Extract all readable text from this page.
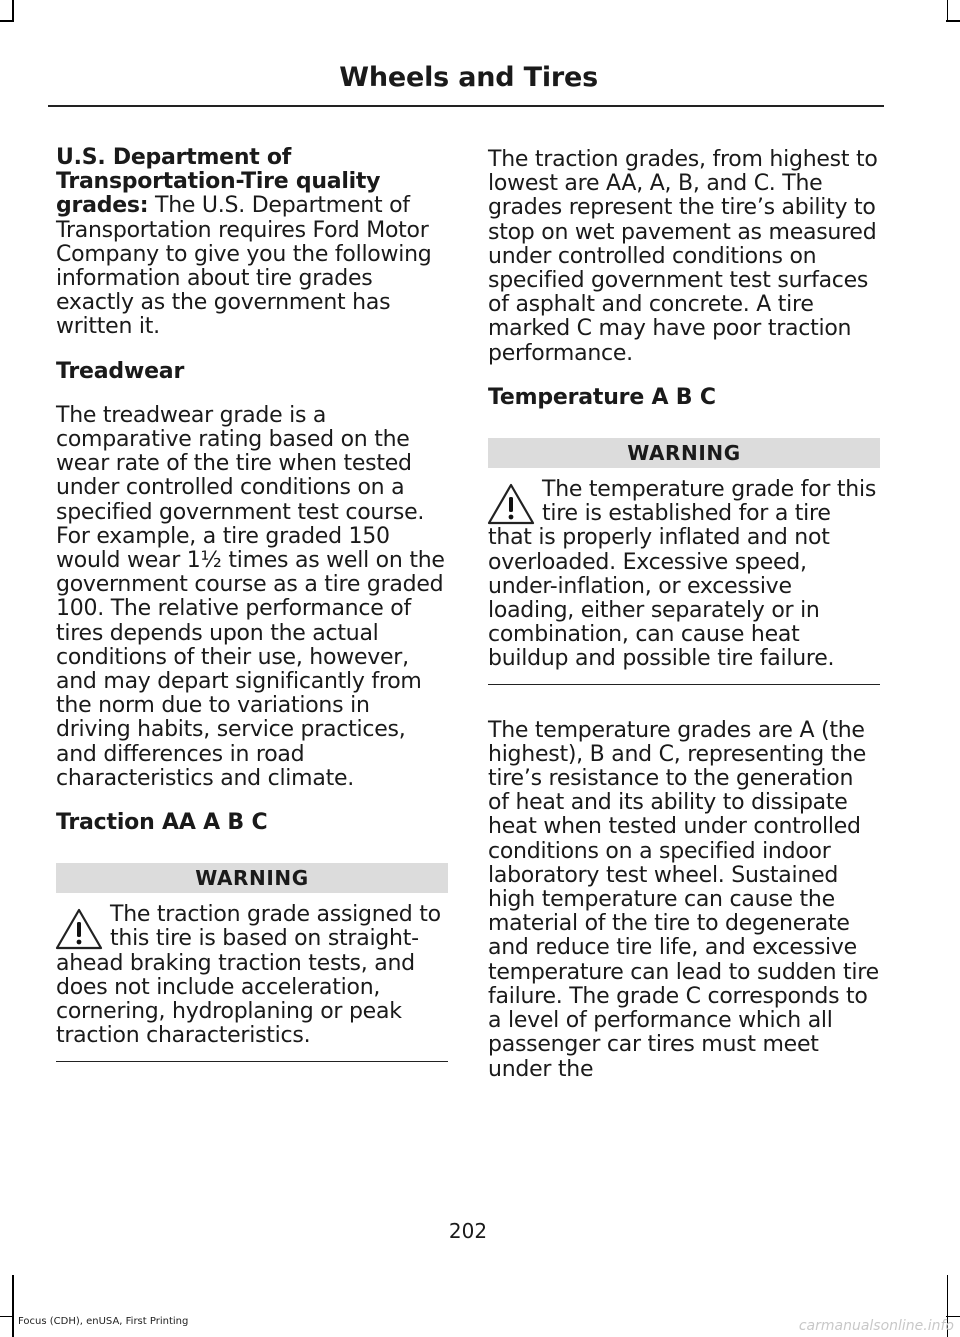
Wheels and Tires

U.S. Department of Transportation-Tire quality grades: The U.S. Department of Transportation requires Ford Motor Company to give you the following information about tire grades exactly as the government has written it.

Treadwear

The treadwear grade is a comparative rating based on the wear rate of the tire when tested under controlled conditions on a specified government test course. For example, a tire graded 150 would wear 1½ times as well on the government course as a tire graded 100. The relative performance of tires depends upon the actual conditions of their use, however, and may depart significantly from the norm due to variations in driving habits, service practices, and differences in road characteristics and climate.

Traction AA A B C
WARNING
The traction grade assigned to this tire is based on straight-ahead braking traction tests, and does not include acceleration, cornering, hydroplaning or peak traction characteristics.

The traction grades, from highest to lowest are AA, A, B, and C. The grades represent the tire’s ability to stop on wet pavement as measured under controlled conditions on specified government test surfaces of asphalt and concrete. A tire marked C may have poor traction performance.

Temperature A B C
WARNING
The temperature grade for this tire is established for a tire that is properly inflated and not overloaded. Excessive speed, under-inflation, or excessive loading, either separately or in combination, can cause heat buildup and possible tire failure.

The temperature grades are A (the highest), B and C, representing the tire’s resistance to the generation of heat and its ability to dissipate heat when tested under controlled conditions on a specified indoor laboratory test wheel. Sustained high temperature can cause the material of the tire to degenerate and reduce tire life, and excessive temperature can lead to sudden tire failure. The grade C corresponds to a level of performance which all passenger car tires must meet under the

202
Focus (CDH), enUSA, First Printing	carmanualsonline.info
